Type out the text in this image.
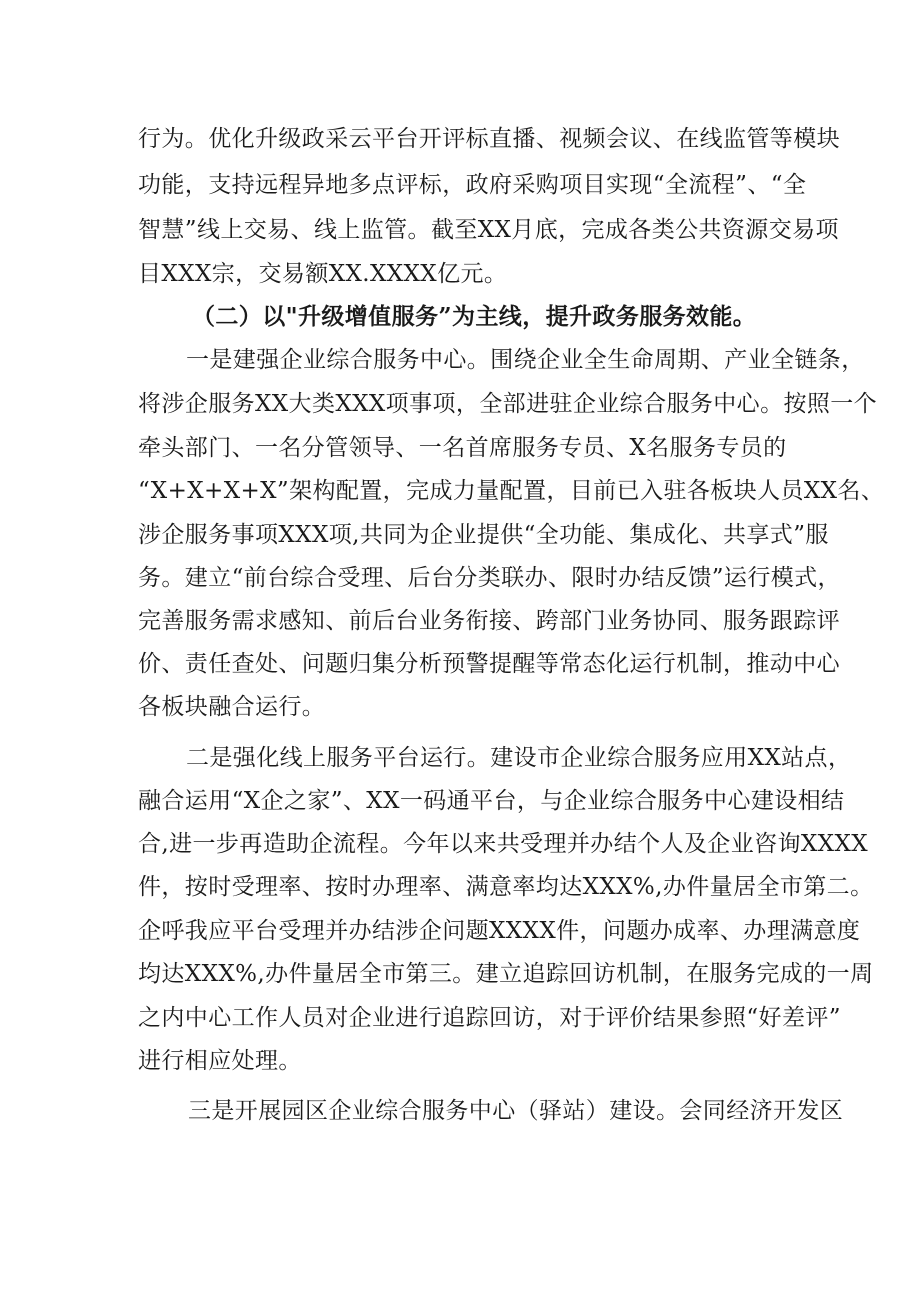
行为。优化升级政采云平台开评标直播、视频会议、在线监管等模块
功能，支持远程异地多点评标，政府采购项目实现“全流程”、“全
智慧”线上交易、线上监管。截至XX月底，完成各类公共资源交易项
目XXX宗，交易额XX.XXXX亿元。
（二）以"升级增值服务”为主线，提升政务服务效能。
一是建强企业综合服务中心。围绕企业全生命周期、产业全链条，
将涉企服务XX大类XXX项事项，全部进驻企业综合服务中心。按照一个
牵头部门、一名分管领导、一名首席服务专员、X名服务专员的
“X+X+X+X”架构配置，完成力量配置，目前已入驻各板块人员XX名、
涉企服务事项XXX项,共同为企业提供“全功能、集成化、共享式”服
务。建立“前台综合受理、后台分类联办、限时办结反馈”运行模式，
完善服务需求感知、前后台业务衔接、跨部门业务协同、服务跟踪评
价、责任查处、问题归集分析预警提醒等常态化运行机制，推动中心
各板块融合运行。
二是强化线上服务平台运行。建设市企业综合服务应用XX站点，
融合运用“X企之家”、XX一码通平台，与企业综合服务中心建设相结
合,进一步再造助企流程。今年以来共受理并办结个人及企业咨询XXXX
件，按时受理率、按时办理率、满意率均达XXX%,办件量居全市第二。
企呼我应平台受理并办结涉企问题XXXX件，问题办成率、办理满意度
均达XXX%,办件量居全市第三。建立追踪回访机制，在服务完成的一周
之内中心工作人员对企业进行追踪回访，对于评价结果参照“好差评”
进行相应处理。
三是开展园区企业综合服务中心（驿站）建设。会同经济开发区
